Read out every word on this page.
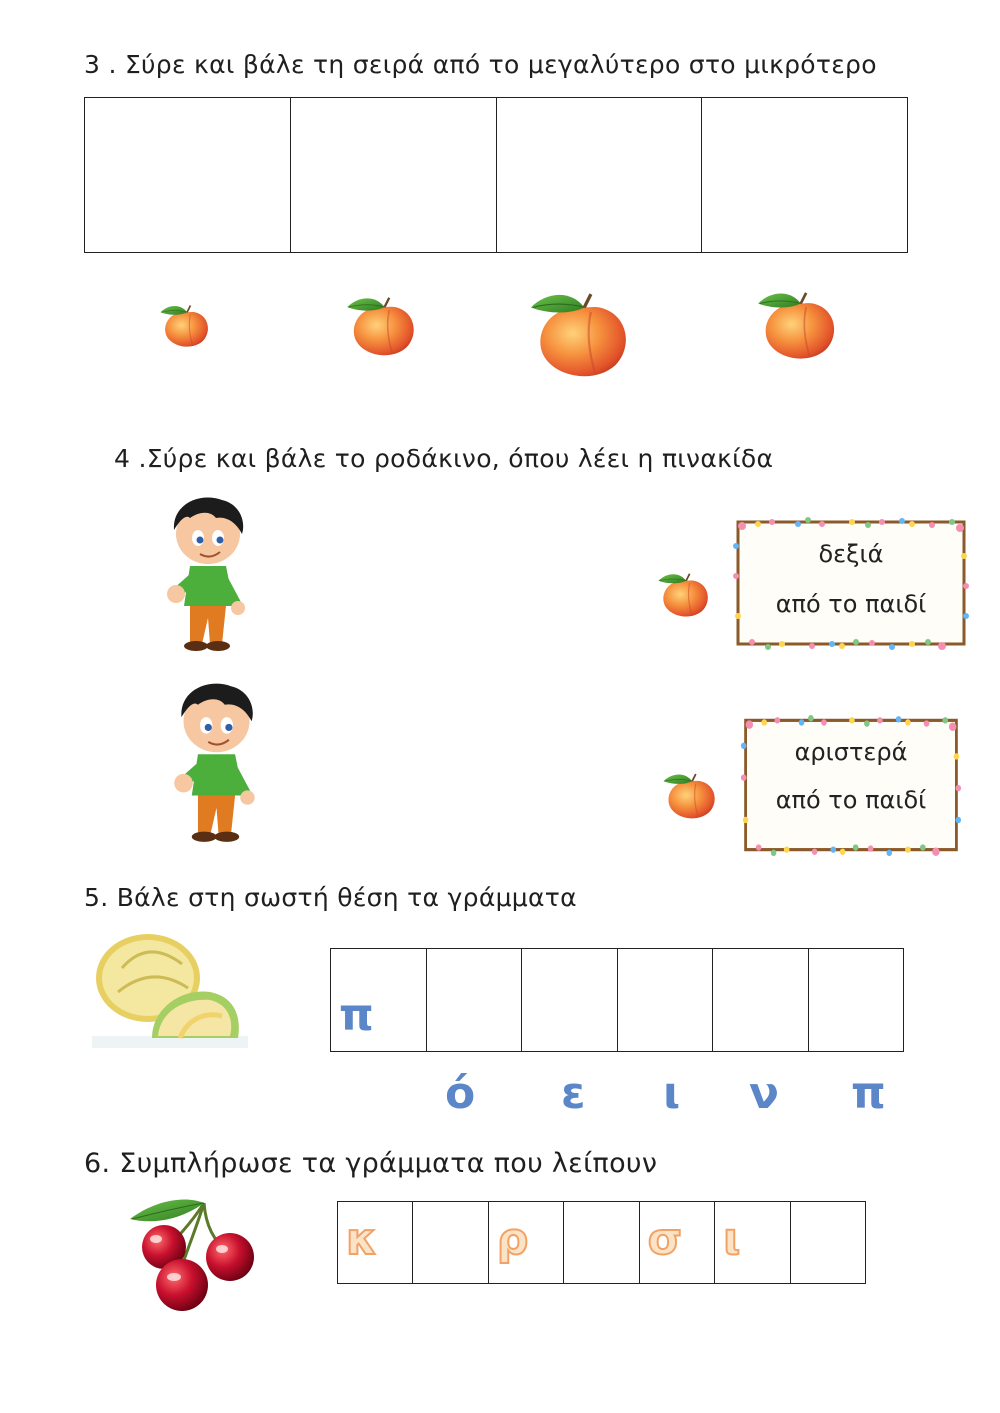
3 . Σύρε και βάλε τη σειρά από το μεγαλύτερο στο μικρότερο
4 .Σύρε και βάλε το ροδάκινο, όπου λέει η πινακίδα
δεξιά
από το παιδί
αριστερά
από το παιδί
5. Βάλε στη σωστή θέση τα γράμματα
π
ό ε ι ν π
6. Συμπλήρωσε τα γράμματα που λείπουν
κ	ρ	σ ι
